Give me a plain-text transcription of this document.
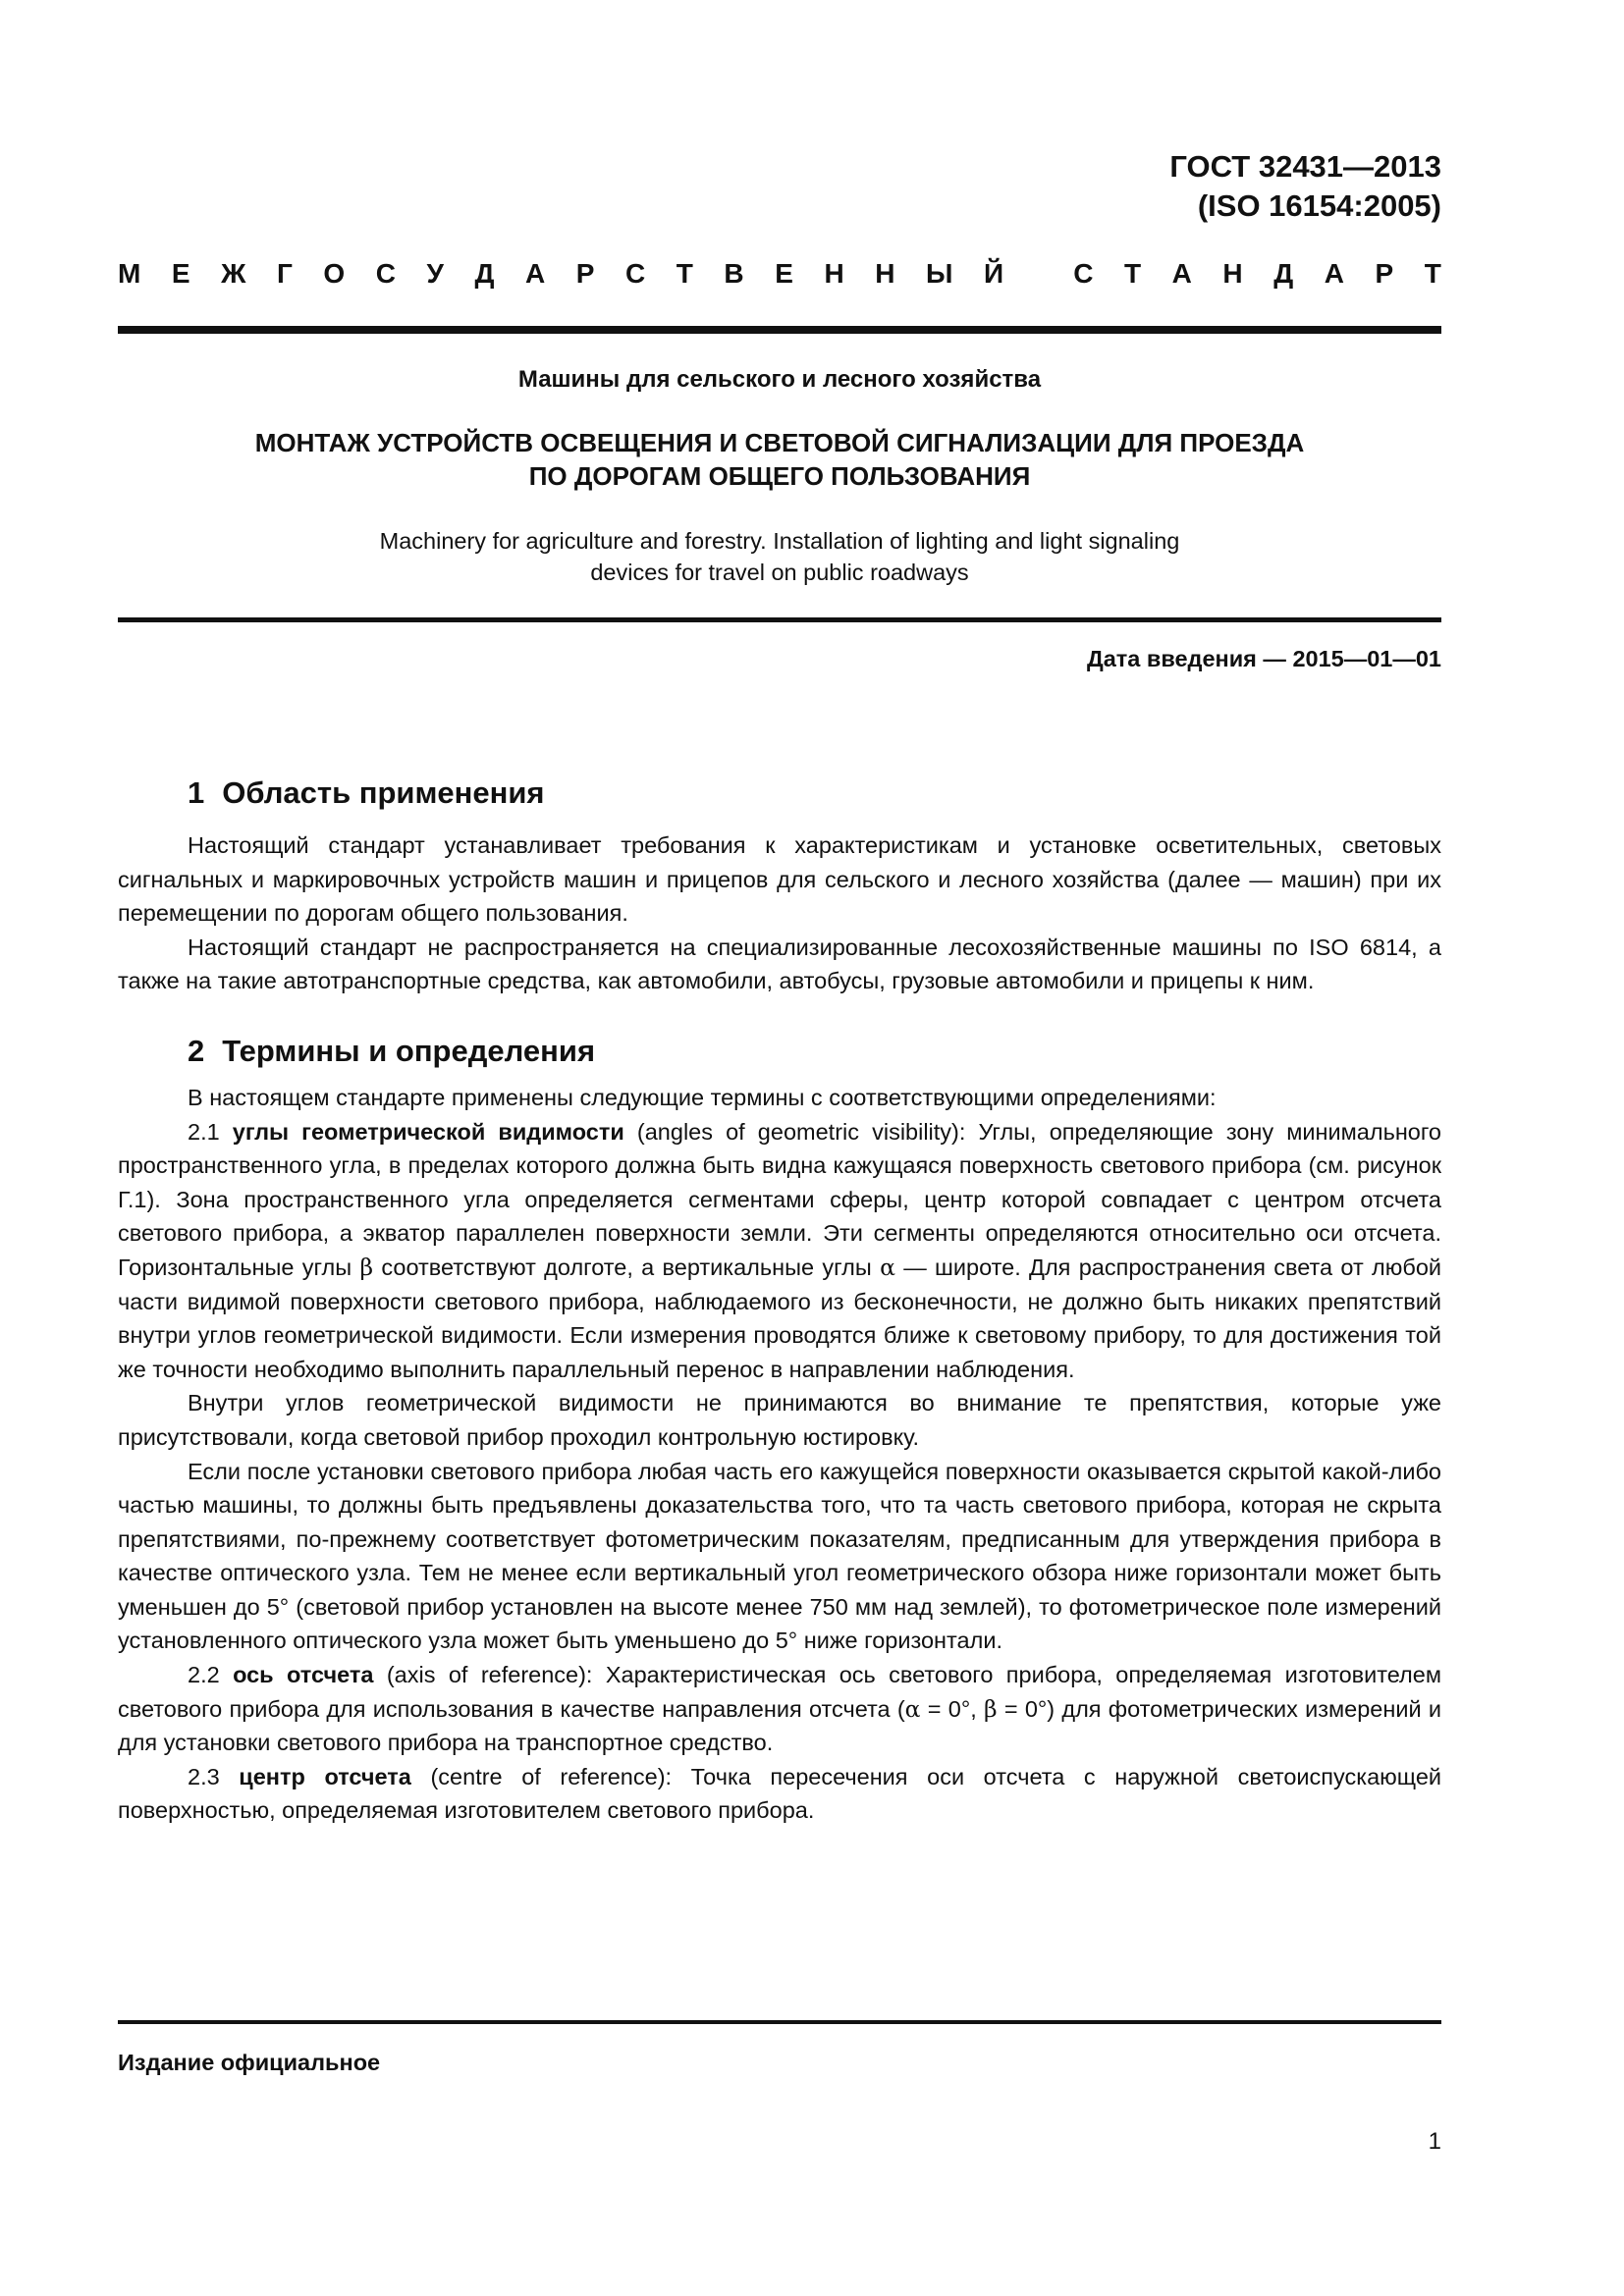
ГОСТ 32431—2013
(ISO 16154:2005)
М Е Ж Г О С У Д А Р С Т В Е Н Н Ы Й	С Т А Н Д А Р Т
Машины для сельского и лесного хозяйства
МОНТАЖ УСТРОЙСТВ ОСВЕЩЕНИЯ И СВЕТОВОЙ СИГНАЛИЗАЦИИ ДЛЯ ПРОЕЗДА
ПО ДОРОГАМ ОБЩЕГО ПОЛЬЗОВАНИЯ
Machinery for agriculture and forestry. Installation of lighting and light signaling
devices for travel on public roadways
Дата введения — 2015—01—01
1 Область применения

Настоящий стандарт устанавливает требования к характеристикам и установке осветительных, световых сигнальных и маркировочных устройств машин и прицепов для сельского и лесного хозяйства (далее — машин) при их перемещении по дорогам общего пользования.

Настоящий стандарт не распространяется на специализированные лесохозяйственные машины по ISO 6814, а также на такие автотранспортные средства, как автомобили, автобусы, грузовые автомобили и прицепы к ним.

2 Термины и определения

В настоящем стандарте применены следующие термины с соответствующими определениями:

2.1 углы геометрической видимости (angles of geometric visibility): Углы, определяющие зону минимального пространственного угла, в пределах которого должна быть видна кажущаяся поверхность светового прибора (см. рисунок Г.1). Зона пространственного угла определяется сегментами сферы, центр которой совпадает с центром отсчета светового прибора, а экватор параллелен поверхности земли. Эти сегменты определяются относительно оси отсчета. Горизонтальные углы β соответствуют долготе, а вертикальные углы α — широте. Для распространения света от любой части видимой поверхности светового прибора, наблюдаемого из бесконечности, не должно быть никаких препятствий внутри углов геометрической видимости. Если измерения проводятся ближе к световому прибору, то для достижения той же точности необходимо выполнить параллельный перенос в направлении наблюдения.

Внутри углов геометрической видимости не принимаются во внимание те препятствия, которые уже присутствовали, когда световой прибор проходил контрольную юстировку.

Если после установки светового прибора любая часть его кажущейся поверхности оказывается скрытой какой-либо частью машины, то должны быть предъявлены доказательства того, что та часть светового прибора, которая не скрыта препятствиями, по-прежнему соответствует фотометрическим показателям, предписанным для утверждения прибора в качестве оптического узла. Тем не менее если вертикальный угол геометрического обзора ниже горизонтали может быть уменьшен до 5° (световой прибор установлен на высоте менее 750 мм над землей), то фотометрическое поле измерений установленного оптического узла может быть уменьшено до 5° ниже горизонтали.

2.2 ось отсчета (axis of reference): Характеристическая ось светового прибора, определяемая изготовителем светового прибора для использования в качестве направления отсчета (α = 0°, β = 0°) для фотометрических измерений и для установки светового прибора на транспортное средство.

2.3 центр отсчета (centre of reference): Точка пересечения оси отсчета с наружной светоиспускающей поверхностью, определяемая изготовителем светового прибора.

Издание официальное
1
